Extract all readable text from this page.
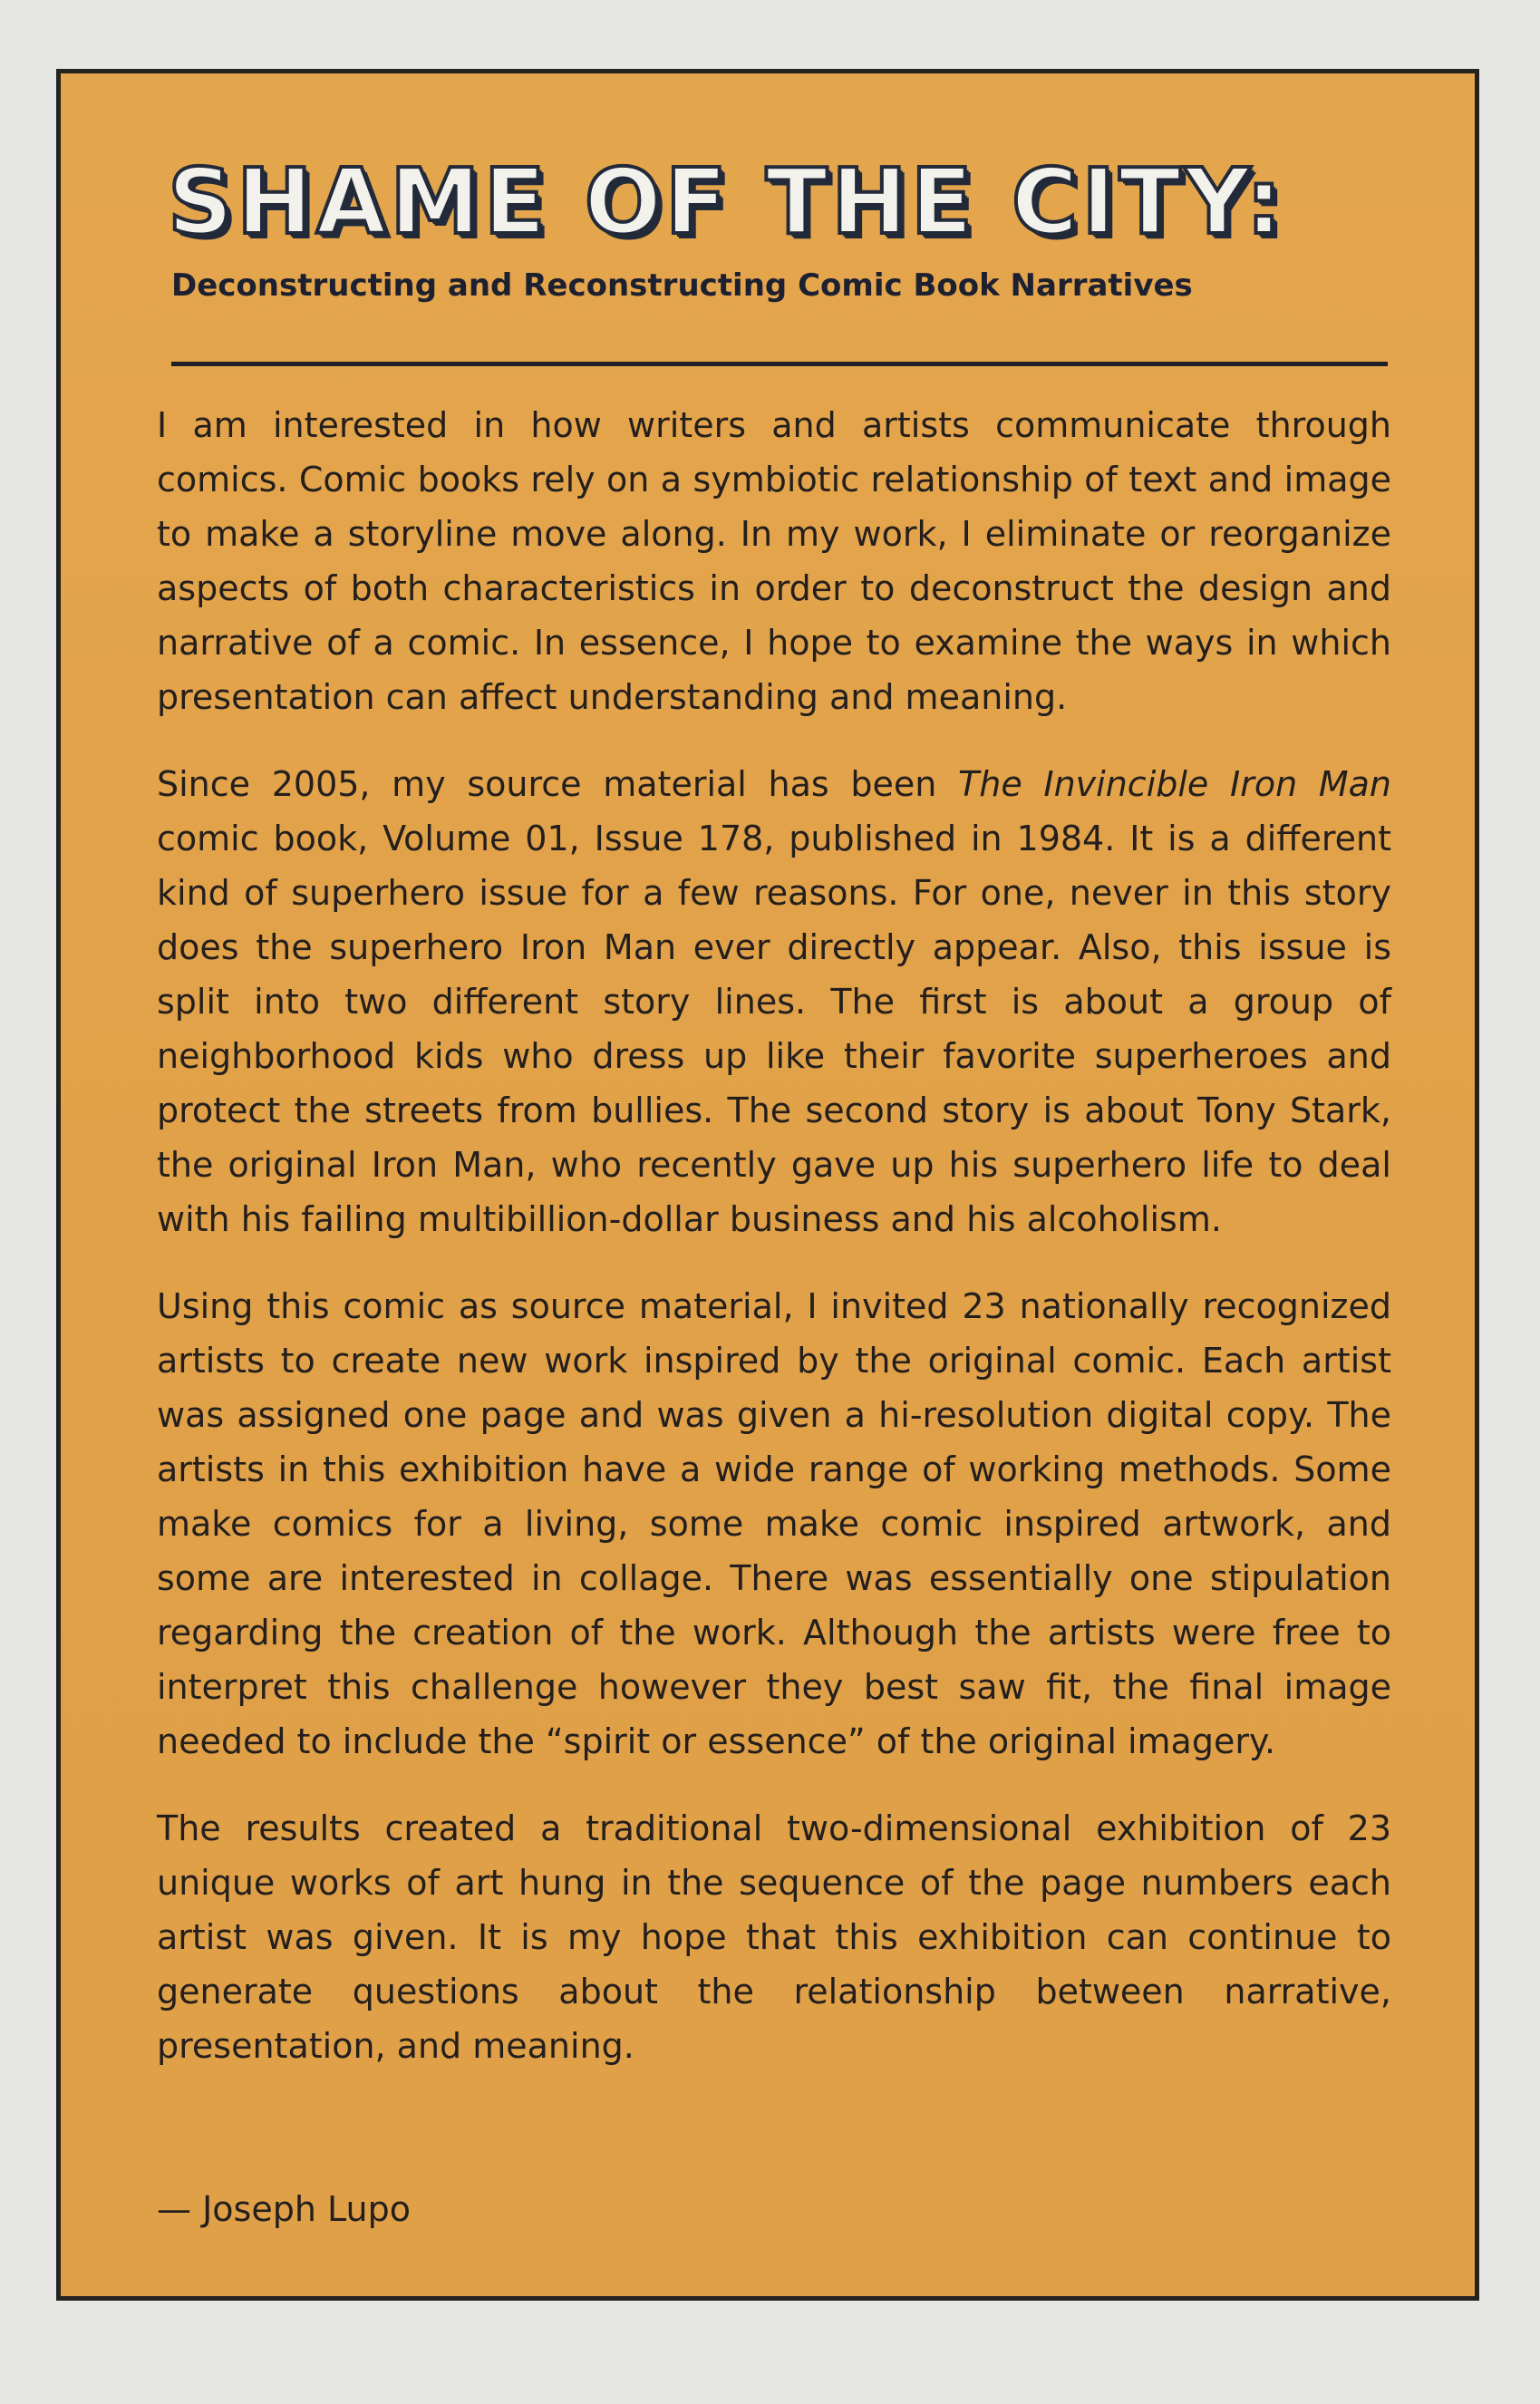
SHAME OF THE CITY:
Deconstructing and Reconstructing Comic Book Narratives

I am interested in how writers and artists communicate through comics. Comic books rely on a symbiotic relationship of text and image to make a storyline move along. In my work, I eliminate or reorganize aspects of both characteristics in order to deconstruct the design and narrative of a comic. In essence, I hope to examine the ways in which presentation can affect understanding and meaning.

Since 2005, my source material has been The Invincible Iron Man comic book, Volume 01, Issue 178, published in 1984. It is a different kind of superhero issue for a few reasons. For one, never in this story does the superhero Iron Man ever directly appear. Also, this issue is split into two different story lines. The first is about a group of neighborhood kids who dress up like their favorite superheroes and protect the streets from bullies. The second story is about Tony Stark, the original Iron Man, who recently gave up his superhero life to deal with his failing multibillion-dollar business and his alcoholism.

Using this comic as source material, I invited 23 nationally recognized artists to create new work inspired by the original comic. Each artist was assigned one page and was given a hi-resolution digital copy. The artists in this exhibition have a wide range of working methods. Some make comics for a living, some make comic inspired artwork, and some are interested in collage. There was essentially one stipulation regarding the creation of the work. Although the artists were free to interpret this challenge however they best saw fit, the final image needed to include the “spirit or essence” of the original imagery.

The results created a traditional two-dimensional exhibition of 23 unique works of art hung in the sequence of the page numbers each artist was given. It is my hope that this exhibition can continue to generate questions about the relationship between narrative, presentation, and meaning.

— Joseph Lupo
